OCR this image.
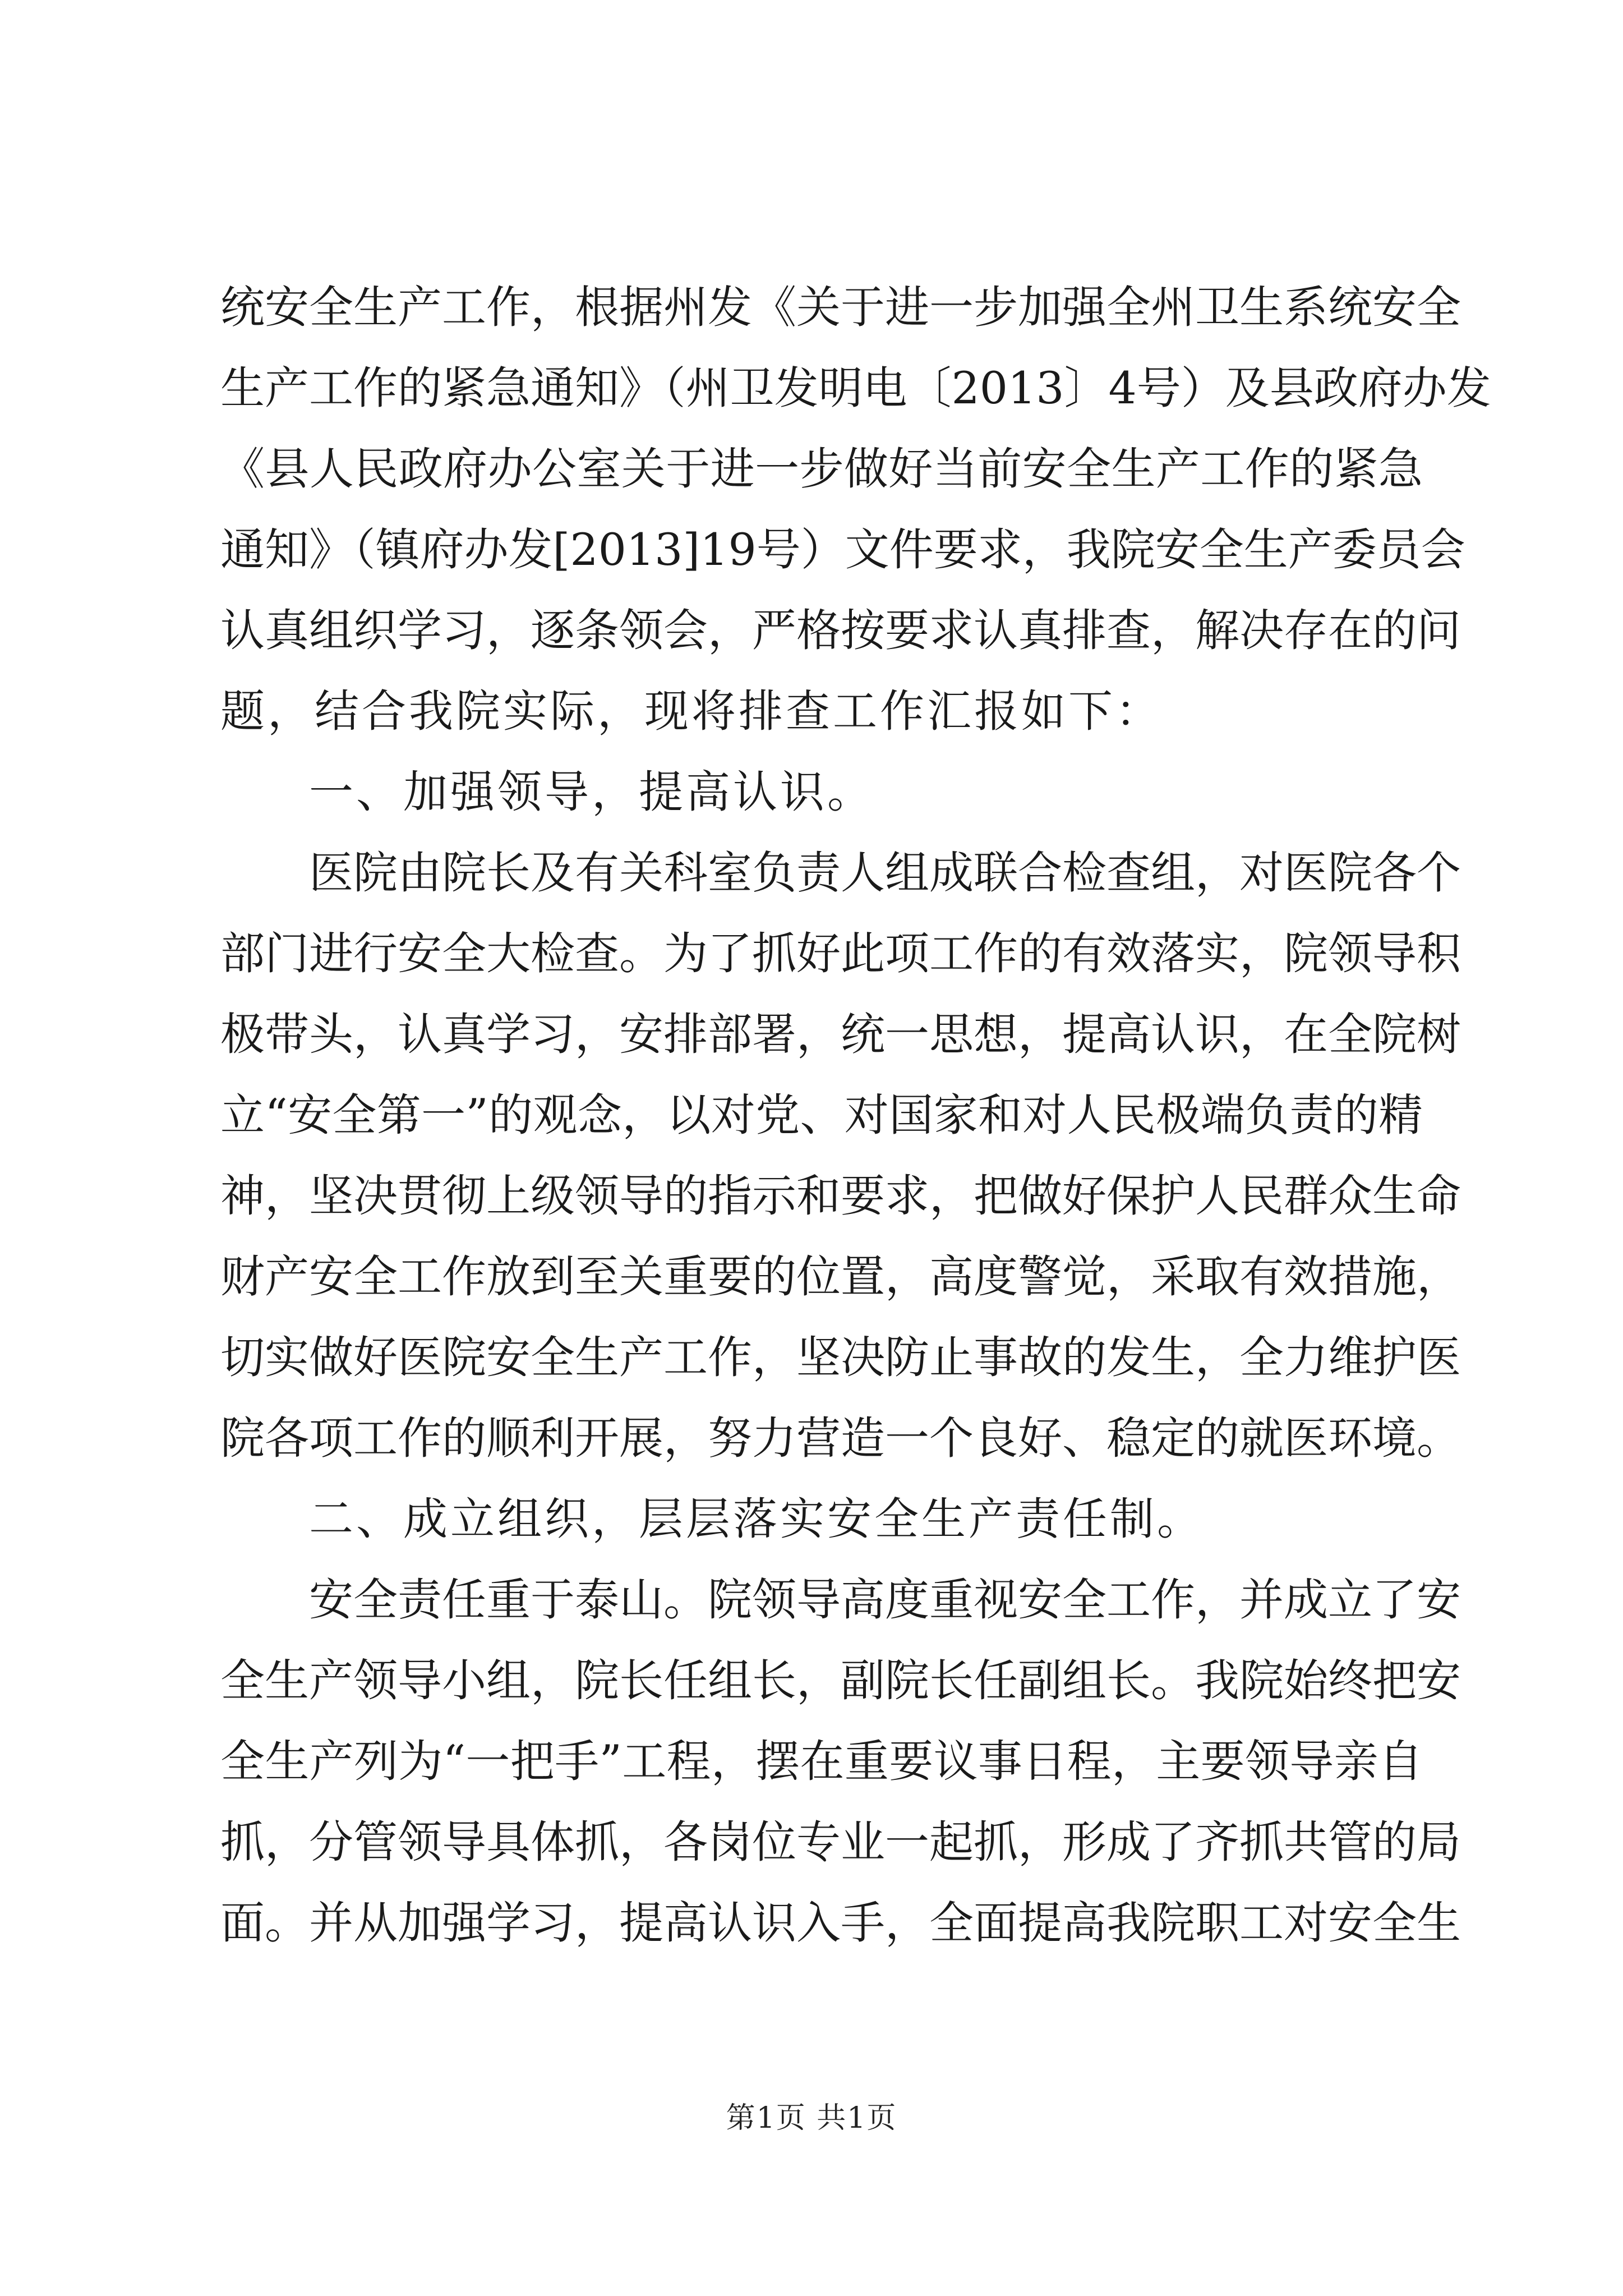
统安全生产工作，根据州发《关于进一步加强全州卫生系统安全
生产工作的紧急通知》（州卫发明电〔2013〕4号）及县政府办发
《县人民政府办公室关于进一步做好当前安全生产工作的紧急
通知》（镇府办发[2013]19号）文件要求，我院安全生产委员会
认真组织学习，逐条领会，严格按要求认真排查，解决存在的问
题，结合我院实际，现将排查工作汇报如下：
一、加强领导，提高认识。
医院由院长及有关科室负责人组成联合检查组，对医院各个
部门进行安全大检查。为了抓好此项工作的有效落实，院领导积
极带头，认真学习，安排部署，统一思想，提高认识，在全院树
立“安全第一”的观念，以对党、对国家和对人民极端负责的精
神，坚决贯彻上级领导的指示和要求，把做好保护人民群众生命
财产安全工作放到至关重要的位置，高度警觉，采取有效措施，
切实做好医院安全生产工作，坚决防止事故的发生，全力维护医
院各项工作的顺利开展，努力营造一个良好、稳定的就医环境。
二、成立组织，层层落实安全生产责任制。
安全责任重于泰山。院领导高度重视安全工作，并成立了安
全生产领导小组，院长任组长，副院长任副组长。我院始终把安
全生产列为“一把手”工程，摆在重要议事日程，主要领导亲自
抓，分管领导具体抓，各岗位专业一起抓，形成了齐抓共管的局
面。并从加强学习，提高认识入手，全面提高我院职工对安全生
第1页 共1页
